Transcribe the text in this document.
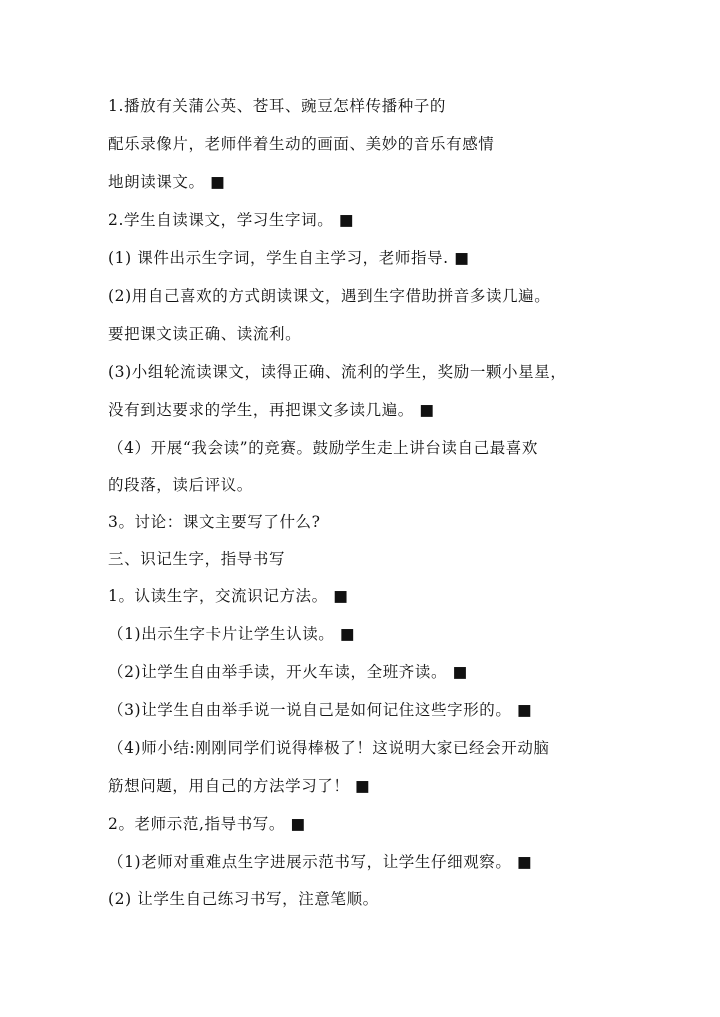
1.播放有关蒲公英、苍耳、豌豆怎样传播种子的
配乐录像片，老师伴着生动的画面、美妙的音乐有感情
地朗读课文。 ■
2.学生自读课文，学习生字词。 ■
(1) 课件出示生字词，学生自主学习，老师指导. ■
(2)用自己喜欢的方式朗读课文，遇到生字借助拼音多读几遍。
要把课文读正确、读流利。
(3)小组轮流读课文，读得正确、流利的学生，奖励一颗小星星，
没有到达要求的学生，再把课文多读几遍。 ■
（4）开展“我会读”的竞赛。鼓励学生走上讲台读自己最喜欢
的段落，读后评议。
3。讨论：课文主要写了什么?
三、识记生字，指导书写
1。认读生字，交流识记方法。 ■
（1)出示生字卡片让学生认读。 ■
（2)让学生自由举手读，开火车读，全班齐读。 ■
（3)让学生自由举手说一说自己是如何记住这些字形的。 ■
（4)师小结:刚刚同学们说得棒极了！这说明大家已经会开动脑
筋想问题，用自己的方法学习了！ ■
2。老师示范,指导书写。 ■
（1)老师对重难点生字进展示范书写，让学生仔细观察。 ■
(2) 让学生自己练习书写，注意笔顺。
